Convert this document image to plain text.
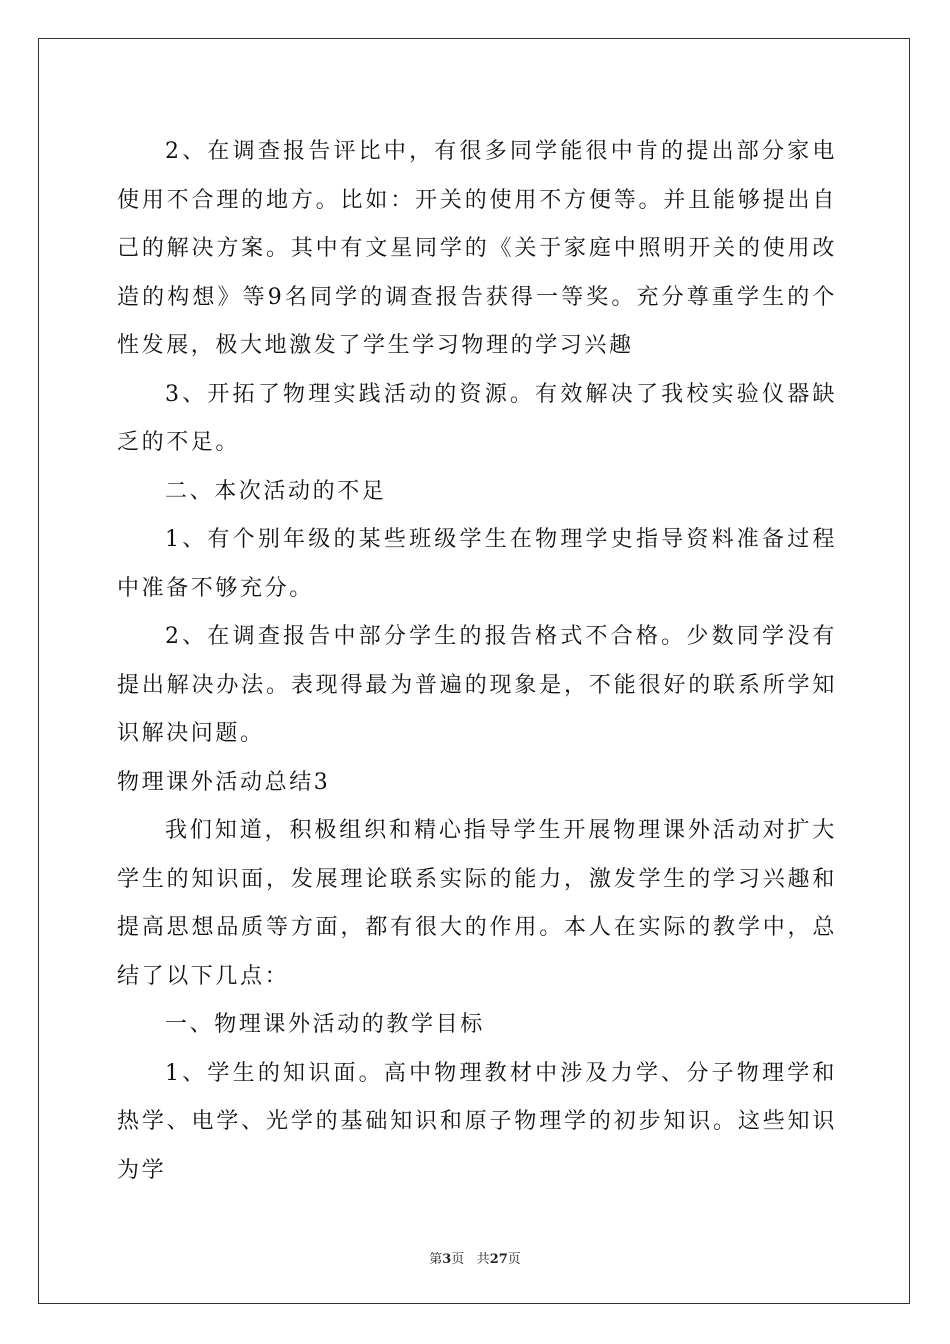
2、在调查报告评比中，有很多同学能很中肯的提出部分家电使用不合理的地方。比如：开关的使用不方便等。并且能够提出自己的解决方案。其中有文星同学的《关于家庭中照明开关的使用改造的构想》等9名同学的调查报告获得一等奖。充分尊重学生的个性发展，极大地激发了学生学习物理的学习兴趣

3、开拓了物理实践活动的资源。有效解决了我校实验仪器缺乏的不足。

二、本次活动的不足

1、有个别年级的某些班级学生在物理学史指导资料准备过程中准备不够充分。

2、在调查报告中部分学生的报告格式不合格。少数同学没有提出解决办法。表现得最为普遍的现象是，不能很好的联系所学知识解决问题。

物理课外活动总结3

我们知道，积极组织和精心指导学生开展物理课外活动对扩大学生的知识面，发展理论联系实际的能力，激发学生的学习兴趣和提高思想品质等方面，都有很大的作用。本人在实际的教学中，总结了以下几点：

一、物理课外活动的教学目标

1、学生的知识面。高中物理教材中涉及力学、分子物理学和热学、电学、光学的基础知识和原子物理学的初步知识。这些知识为学

第3页 共27页
